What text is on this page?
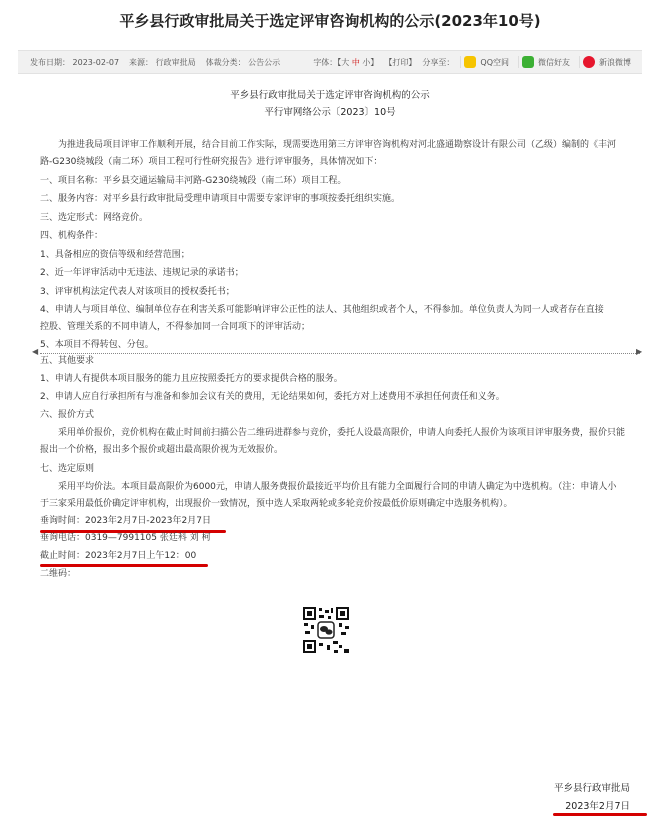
平乡县行政审批局关于选定评审咨询机构的公示(2023年10号)
发布日期： 2023-02-07 来源： 行政审批局 体裁分类： 公告公示	字体：【大 中 小】 【打印】 分享至：	QQ空间	微信好友	新浪微博
平乡县行政审批局关于选定评审咨询机构的公示
平行审网络公示〔2023〕10号
为推进我局项目评审工作顺利开展，结合目前工作实际，现需要选用第三方评审咨询机构对河北盛通勘察设计有限公司（乙级）编制的《丰河
路-G230绕城段（南二环）项目工程可行性研究报告》进行评审服务，具体情况如下：
一、项目名称：平乡县交通运输局丰河路-G230绕城段（南二环）项目工程。
二、服务内容：对平乡县行政审批局受理申请项目中需要专家评审的事项按委托组织实施。
三、选定形式：网络竞价。
四、机构条件：
1、具备相应的资信等级和经营范围；
2、近一年评审活动中无违法、违规记录的承诺书；
3、评审机构法定代表人对该项目的授权委托书；
4、申请人与项目单位、编制单位存在利害关系可能影响评审公正性的法人、其他组织或者个人，不得参加。单位负责人为同一人或者存在直接
控股、管理关系的不同申请人，不得参加同一合同项下的评审活动；
5、本项目不得转包、分包。
◀	▶
五、其他要求
1、申请人有提供本项目服务的能力且应按照委托方的要求提供合格的服务。
2、申请人应自行承担所有与准备和参加会议有关的费用，无论结果如何，委托方对上述费用不承担任何责任和义务。
六、报价方式
采用单价报价，竞价机构在截止时间前扫描公告二维码进群参与竞价，委托人设最高限价，申请人向委托人报价为该项目评审服务费，报价只能
报出一个价格，报出多个报价或超出最高限价视为无效报价。
七、选定原则
采用平均价法。本项目最高限价为6000元，申请人服务费报价最接近平均价且有能力全面履行合同的申请人确定为中选机构。（注：申请人小
于三家采用最低价确定评审机构，出现报价一致情况，预中选人采取两轮或多轮竞价按最低价原则确定中选服务机构）。
垂询时间：2023年2月7日-2023年2月7日
垂询电话：0319—7991105 张廷科 刘 柯
截止时间：2023年2月7日上午12：00
二维码：
平乡县行政审批局
2023年2月7日
